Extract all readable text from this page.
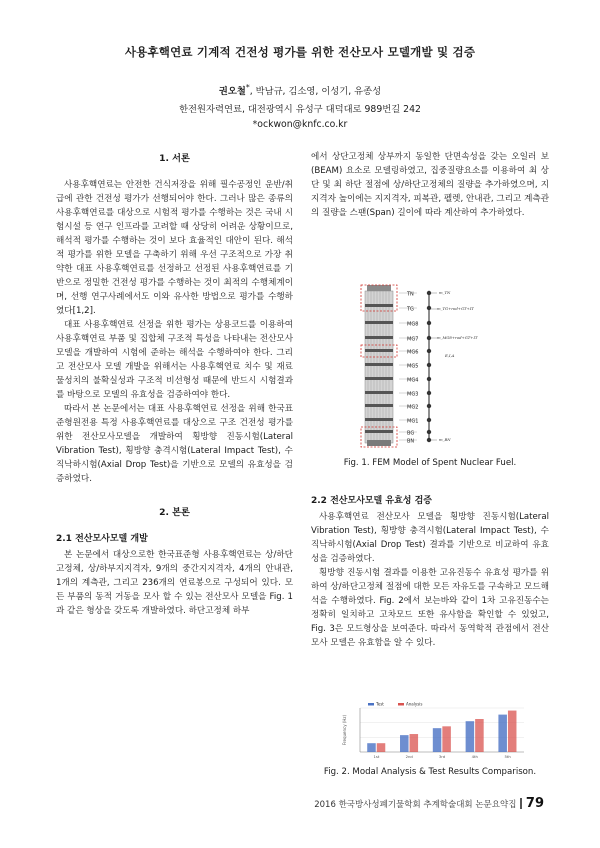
사용후핵연료 기계적 건전성 평가를 위한 전산모사 모델개발 및 검증
권오철*, 박남규, 김소영, 이성기, 유종성
한전원자력연료, 대전광역시 유성구 대덕대로 989번길 242
*ockwon@knfc.co.kr
1. 서론

사용후핵연료는 안전한 건식저장을 위해 필수공정인 운반/취급에 관한 건전성 평가가 선행되어야 한다. 그러나 많은 종류의 사용후핵연료를 대상으로 시험적 평가를 수행하는 것은 국내 시험시설 등 연구 인프라를 고려할 때 상당히 어려운 상황이므로, 해석적 평가를 수행하는 것이 보다 효율적인 대안이 된다. 해석적 평가를 위한 모델을 구축하기 위해 우선 구조적으로 가장 취약한 대표 사용후핵연료를 선정하고 선정된 사용후핵연료를 기반으로 정밀한 건전성 평가를 수행하는 것이 최적의 수행체계이며, 선행 연구사례에서도 이와 유사한 방법으로 평가를 수행하였다[1,2].

대표 사용후핵연료 선정을 위한 평가는 상용코드를 이용하여 사용후핵연료 부품 및 집합체 구조적 특성을 나타내는 전산모사 모델을 개발하여 시험에 준하는 해석을 수행하여야 한다. 그리고 전산모사 모델 개발을 위해서는 사용후핵연료 치수 및 재료물성치의 불확실성과 구조적 비선형성 때문에 반드시 시험결과를 바탕으로 모델의 유효성을 검증하여야 한다.

따라서 본 논문에서는 대표 사용후핵연료 선정을 위해 한국표준형원전용 특정 사용후핵연료를 대상으로 구조 건전성 평가를 위한 전산모사모델을 개발하여 횡방향 진동시험(Lateral Vibration Test), 횡방향 충격시험(Lateral Impact Test), 수직낙하시험(Axial Drop Test)을 기반으로 모델의 유효성을 검증하였다.

2. 본론
2.1 전산모사모델 개발

본 논문에서 대상으로한 한국표준형 사용후핵연료는 상/하단고정체, 상/하부지지격자, 9개의 중간지지격자, 4개의 안내관, 1개의 계측관, 그리고 236개의 연료봉으로 구성되어 있다. 모든 부품의 동적 거동을 모사 할 수 있는 전산모사 모델을 Fig. 1과 같은 형상을 갖도록 개발하였다. 하단고정체 하부

에서 상단고정체 상부까지 동일한 단면속성을 갖는 오일러 보(BEAM) 요소로 모델링하였고, 집중질량요소를 이용하여 최 상단 및 최 하단 절점에 상/하단고정체의 질량을 추가하였으며, 지지격자 높이에는 지지격자, 피복관, 펠렛, 안내관, 그리고 계측관의 질량을 스팬(Span) 길이에 따라 계산하여 추가하였다.

2.2 전산모사모델 유효성 검증

사용후핵연료 전산모사 모델을 횡방향 진동시험(Lateral Vibration Test), 횡방향 충격시험(Lateral Impact Test), 수직낙하시험(Axial Drop Test) 결과를 기반으로 비교하여 유효성을 검증하였다.

횡방향 진동시험 결과를 이용한 고유진동수 유효성 평가를 위하여 상/하단고정체 절점에 대한 모든 자유도를 구속하고 모드해석을 수행하였다. Fig. 2에서 보는바와 같이 1차 고유진동수는 정확히 일치하고 고차모드 또한 유사함을 확인할 수 있었고, Fig. 3은 모드형상을 보여준다. 따라서 동역학적 관점에서 전산모사 모델은 유효함을 알 수 있다.

TN
TG
MG8
MG7
MG6
MG5
MG4
MG3
MG2
MG1
BG
BN
m_TN
m_TG+rod+GT+IT
m_MG8+rod+GT+IT
E,I,A
m_BN
Fig. 1. FEM Model of Spent Nuclear Fuel.
Frequency (Hz)
1st	2nd	3rd	4th	5th
Test	Analysis
Fig. 2. Modal Analysis & Test Results Comparison.
2016 한국방사성폐기물학회 추계학술대회 논문요약집 79
